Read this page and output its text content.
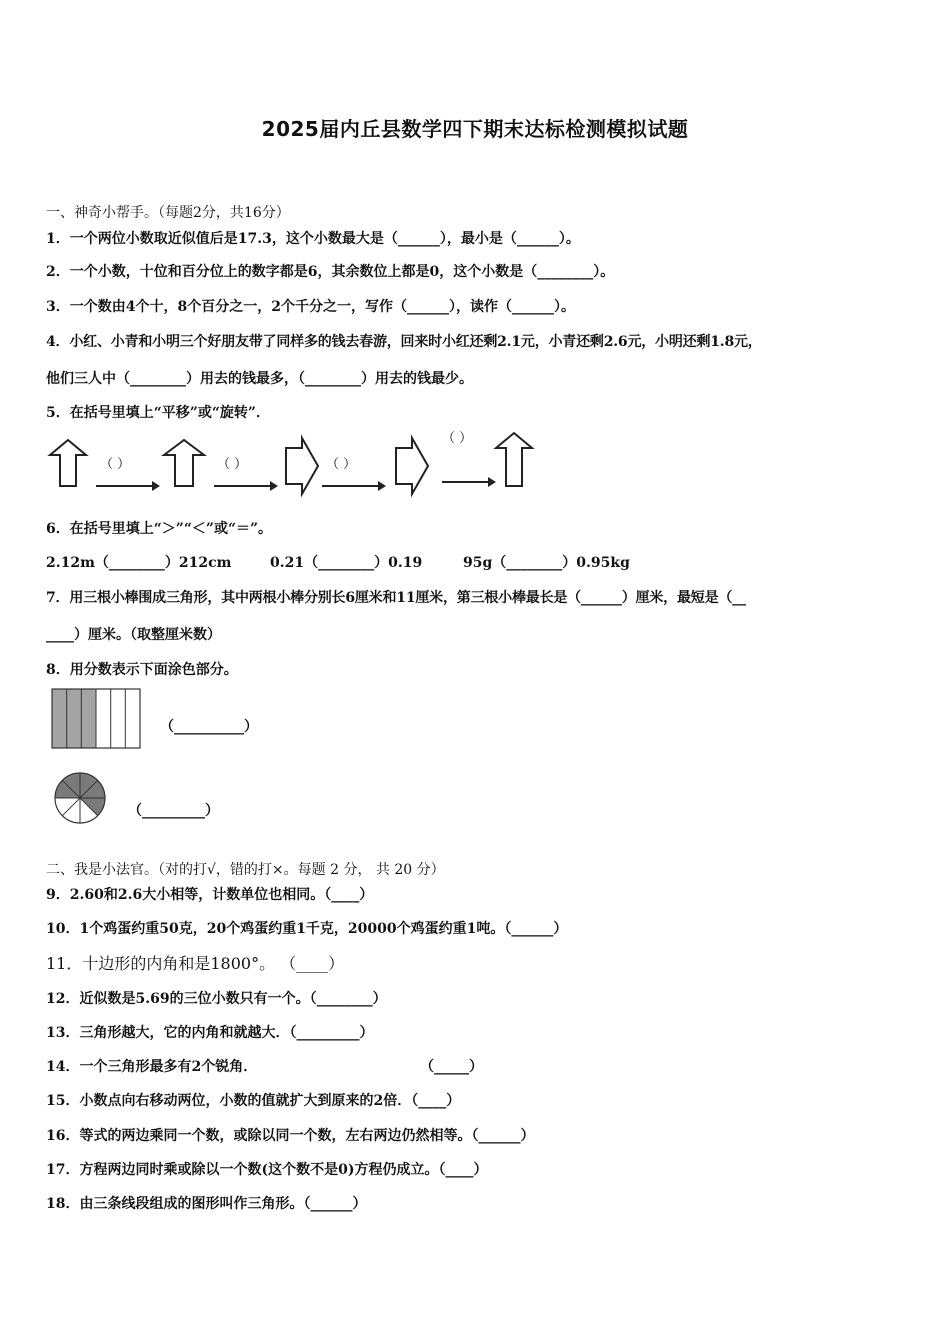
2025届内丘县数学四下期末达标检测模拟试题
一、神奇小帮手。（每题2分，共16分）
1．一个两位小数取近似值后是17.3，这个小数最大是（______），最小是（______）。
2．一个小数，十位和百分位上的数字都是6，其余数位上都是0，这个小数是（________）。
3．一个数由4个十，8个百分之一，2个千分之一，写作（______），读作（______）。
4．小红、小青和小明三个好朋友带了同样多的钱去春游，回来时小红还剩2.1元，小青还剩2.6元，小明还剩1.8元，
他们三人中（________）用去的钱最多，（________）用去的钱最少。
5．在括号里填上“平移”或“旋转”．
（ ）	（ ）	（ ）
（ ）
6．在括号里填上“＞”“＜”或“＝”。
2.12m（________）212cm	0.21（________）0.19	95g（________）0.95kg
7．用三根小棒围成三角形，其中两根小棒分别长6厘米和11厘米，第三根小棒最长是（______）厘米，最短是（__
____）厘米。（取整厘米数）
8．用分数表示下面涂色部分。
（__________）
（_________）
二、我是小法官。（对的打√，错的打×。每题 2 分， 共 20 分）
9．2.60和2.6大小相等，计数单位也相同。（____）
10．1个鸡蛋约重50克，20个鸡蛋约重1千克，20000个鸡蛋约重1吨。（______）
11．十边形的内角和是1800°。 （____）
12．近似数是5.69的三位小数只有一个。（________）
13．三角形越大，它的内角和就越大．（_________）
14．一个三角形最多有2个锐角．	（_____）
15．小数点向右移动两位，小数的值就扩大到原来的2倍．（____）
16．等式的两边乘同一个数，或除以同一个数，左右两边仍然相等。（______）
17．方程两边同时乘或除以一个数(这个数不是0)方程仍成立。（____）
18．由三条线段组成的图形叫作三角形。（______）
